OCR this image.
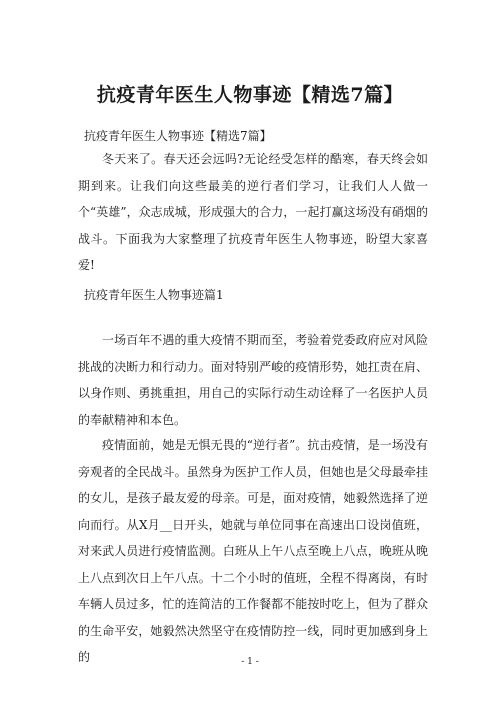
抗疫青年医生人物事迹【精选7篇】

抗疫青年医生人物事迹【精选7篇】

冬天来了。春天还会远吗?无论经受怎样的酷寒，春天终会如期到来。让我们向这些最美的逆行者们学习，让我们人人做一个“英雄”，众志成城，形成强大的合力，一起打赢这场没有硝烟的战斗。下面我为大家整理了抗疫青年医生人物事迹，盼望大家喜爱!

抗疫青年医生人物事迹篇1

一场百年不遇的重大疫情不期而至，考验着党委政府应对风险挑战的决断力和行动力。面对特别严峻的疫情形势，她扛责在肩、以身作则、勇挑重担，用自己的实际行动生动诠释了一名医护人员的奉献精神和本色。

疫情面前，她是无惧无畏的“逆行者”。抗击疫情，是一场没有旁观者的全民战斗。虽然身为医护工作人员，但她也是父母最牵挂的女儿，是孩子最友爱的母亲。可是，面对疫情，她毅然选择了逆向而行。从X月__日开头，她就与单位同事在高速出口设岗值班，对来武人员进行疫情监测。白班从上午八点至晚上八点，晚班从晚上八点到次日上午八点。十二个小时的值班，全程不得离岗，有时车辆人员过多，忙的连简洁的工作餐都不能按时吃上，但为了群众的生命平安，她毅然决然坚守在疫情防控一线，同时更加感到身上的	- 1 -
